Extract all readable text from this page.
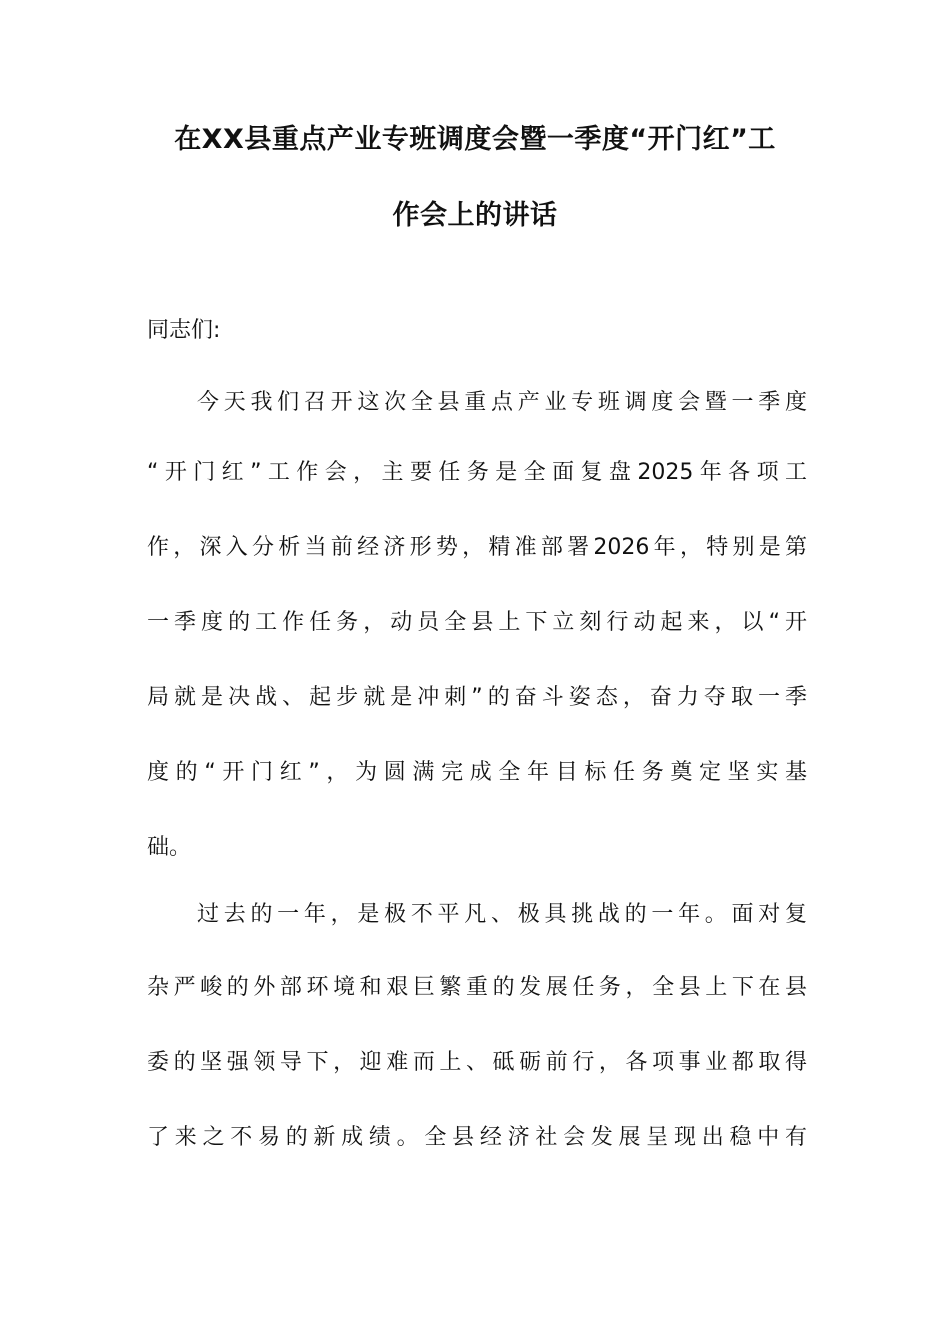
在XX县重点产业专班调度会暨一季度“开门红”工
作会上的讲话
同志们:
今天我们召开这次全县重点产业专班调度会暨一季度
“开门红”工作会，主要任务是全面复盘2025年各项工
作，深入分析当前经济形势，精准部署2026年，特别是第
一季度的工作任务，动员全县上下立刻行动起来，以“开
局就是决战、起步就是冲刺”的奋斗姿态，奋力夺取一季
度的“开门红”，为圆满完成全年目标任务奠定坚实基
础。
过去的一年，是极不平凡、极具挑战的一年。面对复
杂严峻的外部环境和艰巨繁重的发展任务，全县上下在县
委的坚强领导下，迎难而上、砥砺前行，各项事业都取得
了来之不易的新成绩。全县经济社会发展呈现出稳中有
